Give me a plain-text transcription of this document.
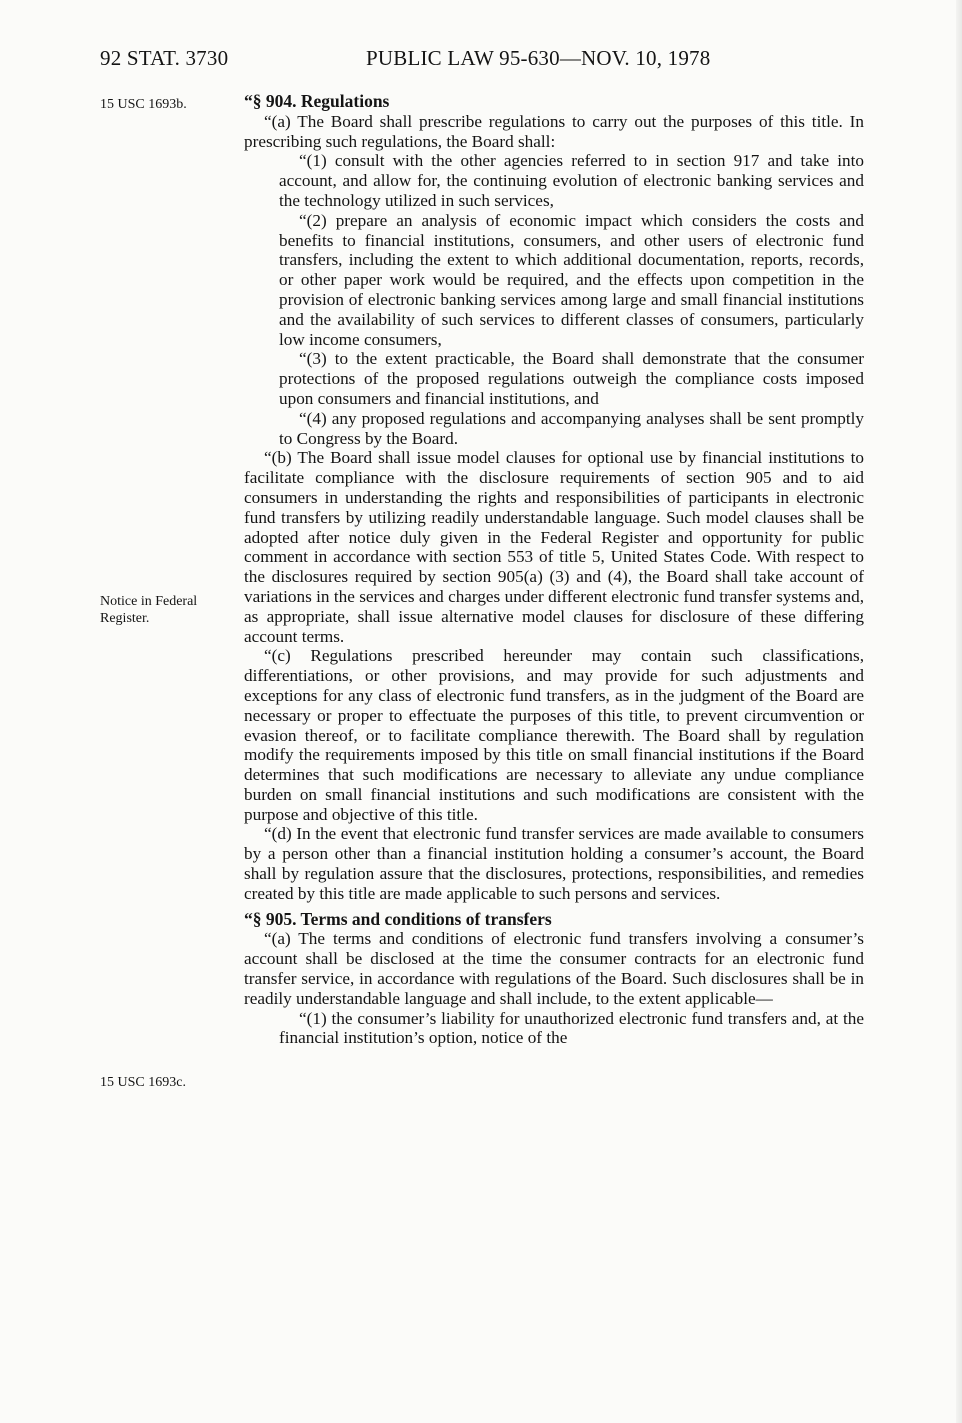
92 STAT. 3730	PUBLIC LAW 95-630—NOV. 10, 1978
15 USC 1693b.
Notice in Federal
Register.
15 USC 1693c.

“§ 904. Regulations

“(a) The Board shall prescribe regulations to carry out the purposes of this title. In prescribing such regulations, the Board shall:

“(1) consult with the other agencies referred to in section 917 and take into account, and allow for, the continuing evolution of electronic banking services and the technology utilized in such services,

“(2) prepare an analysis of economic impact which considers the costs and benefits to financial institutions, consumers, and other users of electronic fund transfers, including the extent to which additional documentation, reports, records, or other paper work would be required, and the effects upon competition in the provision of electronic banking services among large and small financial institutions and the availability of such services to different classes of consumers, particularly low income consumers,

“(3) to the extent practicable, the Board shall demonstrate that the consumer protections of the proposed regulations outweigh the compliance costs imposed upon consumers and financial institutions, and

“(4) any proposed regulations and accompanying analyses shall be sent promptly to Congress by the Board.

“(b) The Board shall issue model clauses for optional use by financial institutions to facilitate compliance with the disclosure requirements of section 905 and to aid consumers in understanding the rights and responsibilities of participants in electronic fund transfers by utilizing readily understandable language. Such model clauses shall be adopted after notice duly given in the Federal Register and opportunity for public comment in accordance with section 553 of title 5, United States Code. With respect to the disclosures required by section 905(a) (3) and (4), the Board shall take account of variations in the services and charges under different electronic fund transfer systems and, as appropriate, shall issue alternative model clauses for disclosure of these differing account terms.

“(c) Regulations prescribed hereunder may contain such classifications, differentiations, or other provisions, and may provide for such adjustments and exceptions for any class of electronic fund transfers, as in the judgment of the Board are necessary or proper to effectuate the purposes of this title, to prevent circumvention or evasion thereof, or to facilitate compliance therewith. The Board shall by regulation modify the requirements imposed by this title on small financial institutions if the Board determines that such modifications are necessary to alleviate any undue compliance burden on small financial institutions and such modifications are consistent with the purpose and objective of this title.

“(d) In the event that electronic fund transfer services are made available to consumers by a person other than a financial institution holding a consumer’s account, the Board shall by regulation assure that the disclosures, protections, responsibilities, and remedies created by this title are made applicable to such persons and services.

“§ 905. Terms and conditions of transfers

“(a) The terms and conditions of electronic fund transfers involving a consumer’s account shall be disclosed at the time the consumer contracts for an electronic fund transfer service, in accordance with regulations of the Board. Such disclosures shall be in readily understandable language and shall include, to the extent applicable—

“(1) the consumer’s liability for unauthorized electronic fund transfers and, at the financial institution’s option, notice of the
